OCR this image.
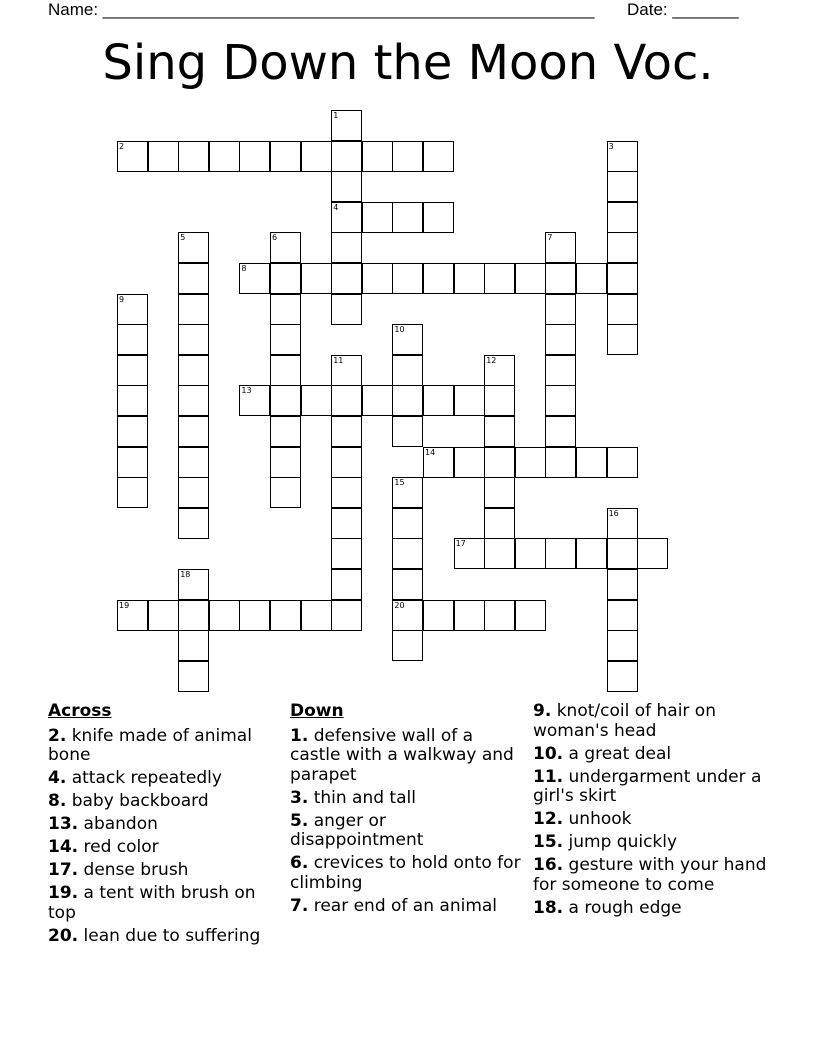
Name: ____________________________________________________ Date: _______
Sing Down the Moon Voc.
1
2	3
4
5	6	7
8
9
10
11	12
13
14
15
16
17
18
19	20
Across
2. knife made of animal bone
4. attack repeatedly
8. baby backboard
13. abandon
14. red color
17. dense brush
19. a tent with brush on top
20. lean due to suffering
Down
1. defensive wall of a castle with a walkway and parapet
3. thin and tall
5. anger or disappointment
6. crevices to hold onto for climbing
7. rear end of an animal
9. knot/coil of hair on woman's head
10. a great deal
11. undergarment under a girl's skirt
12. unhook
15. jump quickly
16. gesture with your hand for someone to come
18. a rough edge
